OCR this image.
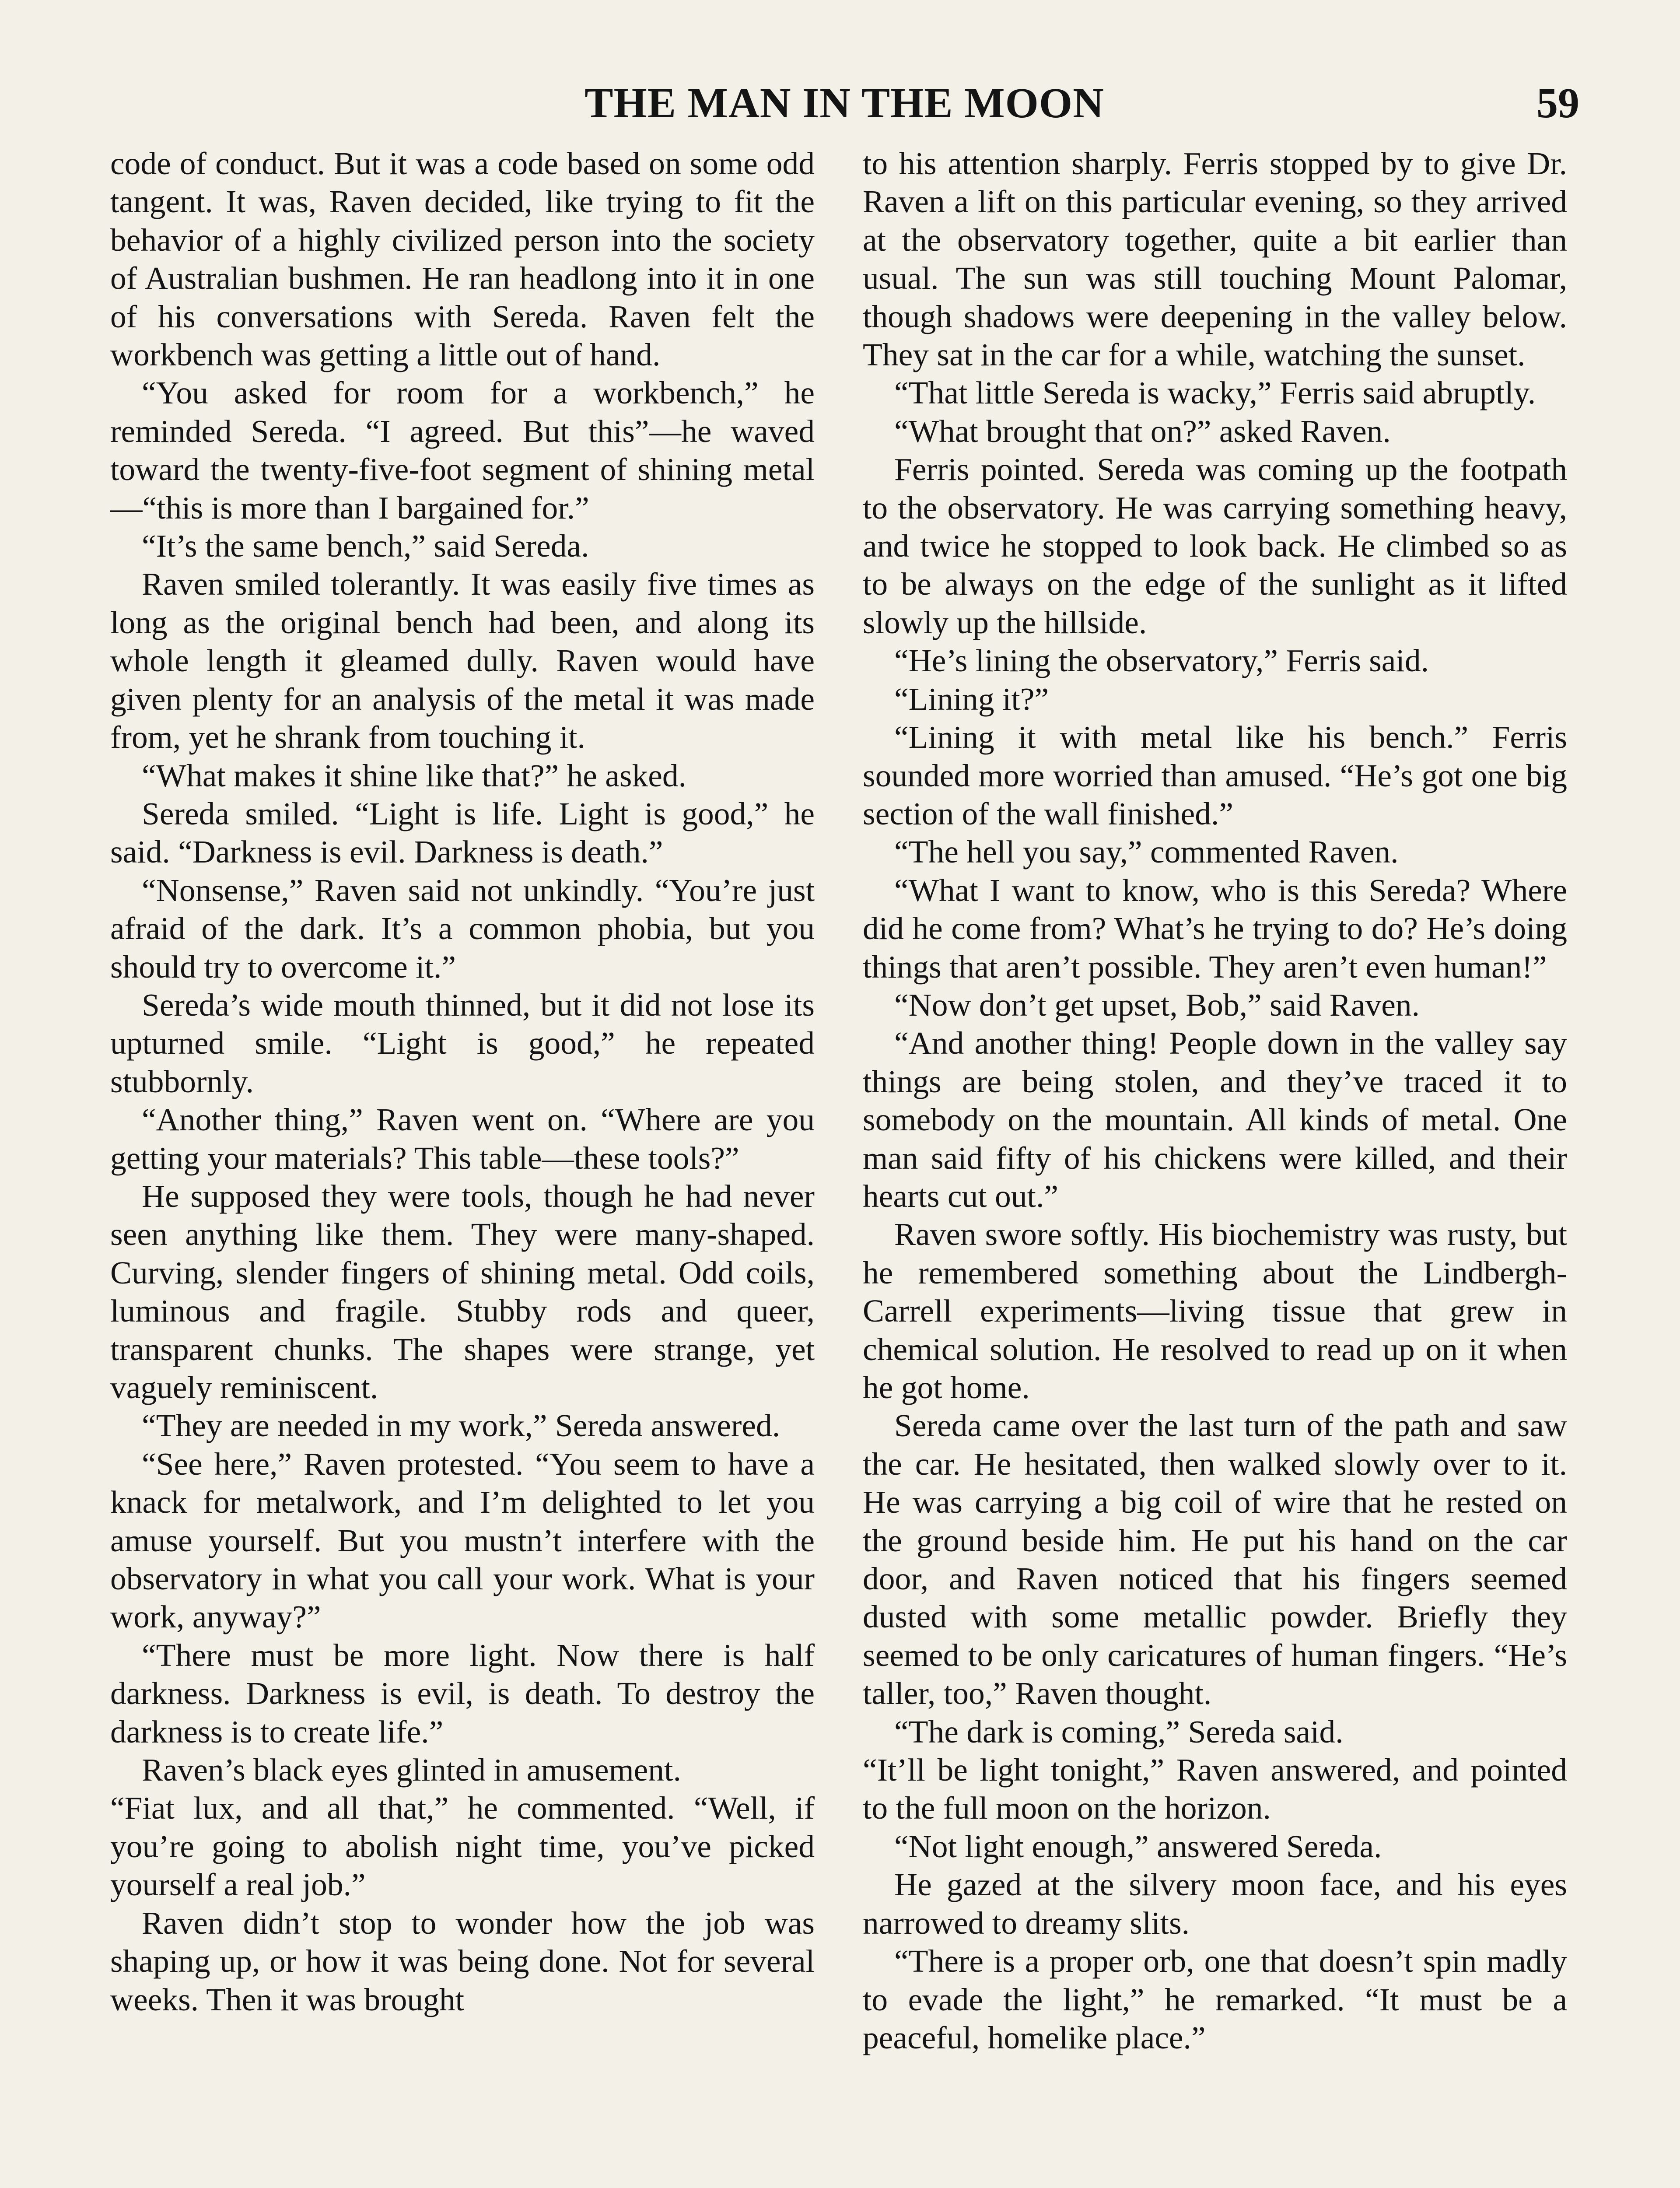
THE MAN IN THE MOON	59

code of conduct. But it was a code based on some odd tangent. It was, Raven decided, like trying to fit the behavior of a highly civilized person into the society of Australian bushmen. He ran headlong into it in one of his conversations with Sereda. Raven felt the workbench was getting a little out of hand.

“You asked for room for a workbench,” he reminded Sereda. “I agreed. But this”—he waved toward the twenty-five-foot segment of shining metal—“this is more than I bargained for.”

“It’s the same bench,” said Sereda.

Raven smiled tolerantly. It was easily five times as long as the original bench had been, and along its whole length it gleamed dully. Raven would have given plenty for an analysis of the metal it was made from, yet he shrank from touching it.

“What makes it shine like that?” he asked.

Sereda smiled. “Light is life. Light is good,” he said. “Darkness is evil. Darkness is death.”

“Nonsense,” Raven said not unkindly. “You’re just afraid of the dark. It’s a common phobia, but you should try to overcome it.”

Sereda’s wide mouth thinned, but it did not lose its upturned smile. “Light is good,” he repeated stubbornly.

“Another thing,” Raven went on. “Where are you getting your materials? This table—these tools?”

He supposed they were tools, though he had never seen anything like them. They were many-shaped. Curving, slender fingers of shining metal. Odd coils, luminous and fragile. Stubby rods and queer, transparent chunks. The shapes were strange, yet vaguely reminiscent.

“They are needed in my work,” Sereda answered.

“See here,” Raven protested. “You seem to have a knack for metalwork, and I’m delighted to let you amuse yourself. But you mustn’t interfere with the observatory in what you call your work. What is your work, anyway?”

“There must be more light. Now there is half darkness. Darkness is evil, is death. To destroy the darkness is to create life.”

Raven’s black eyes glinted in amusement.

“Fiat lux, and all that,” he commented. “Well, if you’re going to abolish night time, you’ve picked yourself a real job.”

Raven didn’t stop to wonder how the job was shaping up, or how it was being done. Not for several weeks. Then it was brought

to his attention sharply. Ferris stopped by to give Dr. Raven a lift on this particular evening, so they arrived at the observatory together, quite a bit earlier than usual. The sun was still touching Mount Palomar, though shadows were deepening in the valley below. They sat in the car for a while, watching the sunset.

“That little Sereda is wacky,” Ferris said abruptly.

“What brought that on?” asked Raven.

Ferris pointed. Sereda was coming up the footpath to the observatory. He was carrying something heavy, and twice he stopped to look back. He climbed so as to be always on the edge of the sunlight as it lifted slowly up the hillside.

“He’s lining the observatory,” Ferris said.

“Lining it?”

“Lining it with metal like his bench.” Ferris sounded more worried than amused. “He’s got one big section of the wall finished.”

“The hell you say,” commented Raven.

“What I want to know, who is this Sereda? Where did he come from? What’s he trying to do? He’s doing things that aren’t possible. They aren’t even human!”

“Now don’t get upset, Bob,” said Raven.

“And another thing! People down in the valley say things are being stolen, and they’ve traced it to somebody on the mountain. All kinds of metal. One man said fifty of his chickens were killed, and their hearts cut out.”

Raven swore softly. His biochemistry was rusty, but he remembered something about the Lindbergh-Carrell experiments—living tissue that grew in chemical solution. He resolved to read up on it when he got home.

Sereda came over the last turn of the path and saw the car. He hesitated, then walked slowly over to it. He was carrying a big coil of wire that he rested on the ground beside him. He put his hand on the car door, and Raven noticed that his fingers seemed dusted with some metallic powder. Briefly they seemed to be only caricatures of human fingers. “He’s taller, too,” Raven thought.

“The dark is coming,” Sereda said.

“It’ll be light tonight,” Raven answered, and pointed to the full moon on the horizon.

“Not light enough,” answered Sereda.

He gazed at the silvery moon face, and his eyes narrowed to dreamy slits.

“There is a proper orb, one that doesn’t spin madly to evade the light,” he remarked. “It must be a peaceful, homelike place.”
